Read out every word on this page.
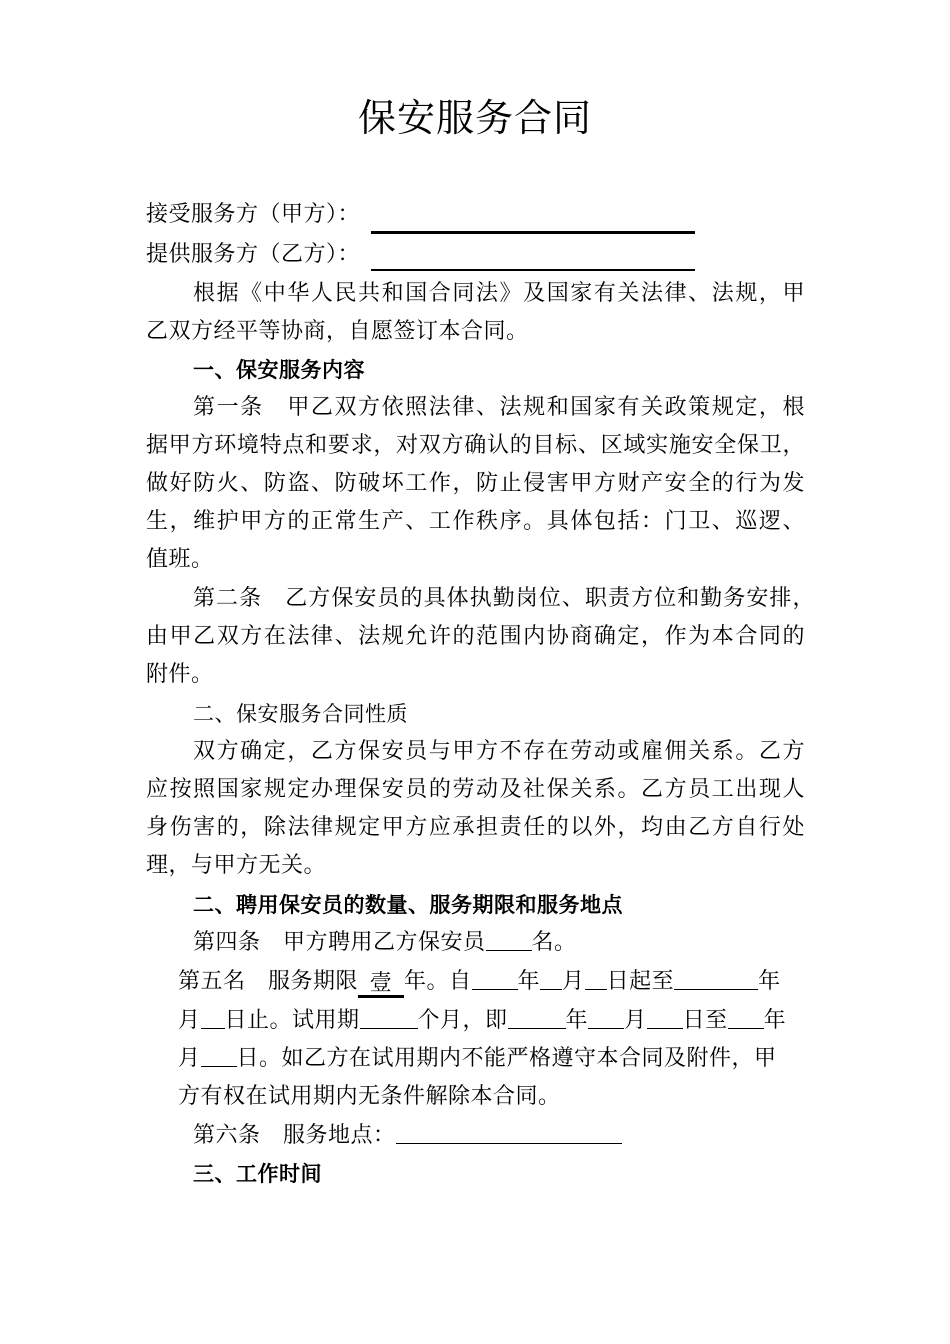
保安服务合同
接受服务方（甲方）：
提供服务方（乙方）：
根据《中华人民共和国合同法》及国家有关法律、法规，甲
乙双方经平等协商，自愿签订本合同。
一、保安服务内容
第一条　甲乙双方依照法律、法规和国家有关政策规定，根
据甲方环境特点和要求，对双方确认的目标、区域实施安全保卫，
做好防火、防盗、防破坏工作，防止侵害甲方财产安全的行为发
生，维护甲方的正常生产、工作秩序。具体包括：门卫、巡逻、
值班。
第二条　乙方保安员的具体执勤岗位、职责方位和勤务安排，
由甲乙双方在法律、法规允许的范围内协商确定，作为本合同的
附件。
二、保安服务合同性质
双方确定，乙方保安员与甲方不存在劳动或雇佣关系。乙方
应按照国家规定办理保安员的劳动及社保关系。乙方员工出现人
身伤害的，除法律规定甲方应承担责任的以外，均由乙方自行处
理，与甲方无关。
二、聘用保安员的数量、服务期限和服务地点
第四条　甲方聘用乙方保安员 名。
第五名　服务期限 壹 年。自 年 月 日起至	年
月 日止。试用期	个月，即	年 月 日至 年
月 日。如乙方在试用期内不能严格遵守本合同及附件，甲
方有权在试用期内无条件解除本合同。
第六条　服务地点：
三、工作时间
